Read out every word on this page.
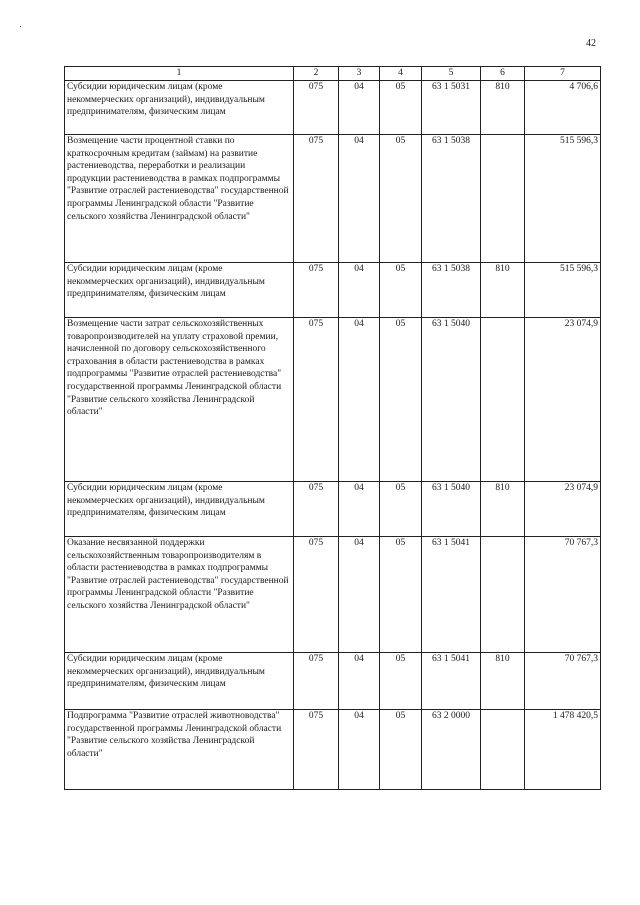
42
1	2	3	4	5	6	7
Субсидии юридическим лицам (кроме некоммерческих организаций), индивидуальным предпринимателям, физическим лицам	075	04	05	63 1 5031	810	4 706,6
Возмещение части процентной ставки по краткосрочным кредитам (займам) на развитие растениеводства, переработки и реализации продукции растениеводства в рамках подпрограммы "Развитие отраслей растениеводства" государственной программы Ленинградской области "Развитие сельского хозяйства Ленинградской области"	075	04	05	63 1 5038		515 596,3
Субсидии юридическим лицам (кроме некоммерческих организаций), индивидуальным предпринимателям, физическим лицам	075	04	05	63 1 5038	810	515 596,3
Возмещение части затрат сельскохозяйственных товаропроизводителей на уплату страховой премии, начисленной по договору сельскохозяйственного страхования в области растениеводства в рамках подпрограммы "Развитие отраслей растениеводства" государственной программы Ленинградской области "Развитие сельского хозяйства Ленинградской области"	075	04	05	63 1 5040		23 074,9
Субсидии юридическим лицам (кроме некоммерческих организаций), индивидуальным предпринимателям, физическим лицам	075	04	05	63 1 5040	810	23 074,9
Оказание несвязанной поддержки сельскохозяйственным товаропроизводителям в области растениеводства в рамках подпрограммы "Развитие отраслей растениеводства" государственной программы Ленинградской области "Развитие сельского хозяйства Ленинградской области"	075	04	05	63 1 5041		70 767,3
Субсидии юридическим лицам (кроме некоммерческих организаций), индивидуальным предпринимателям, физическим лицам	075	04	05	63 1 5041	810	70 767,3
Подпрограмма "Развитие отраслей животноводства" государственной программы Ленинградской области "Развитие сельского хозяйства Ленинградской области"	075	04	05	63 2 0000		1 478 420,5
